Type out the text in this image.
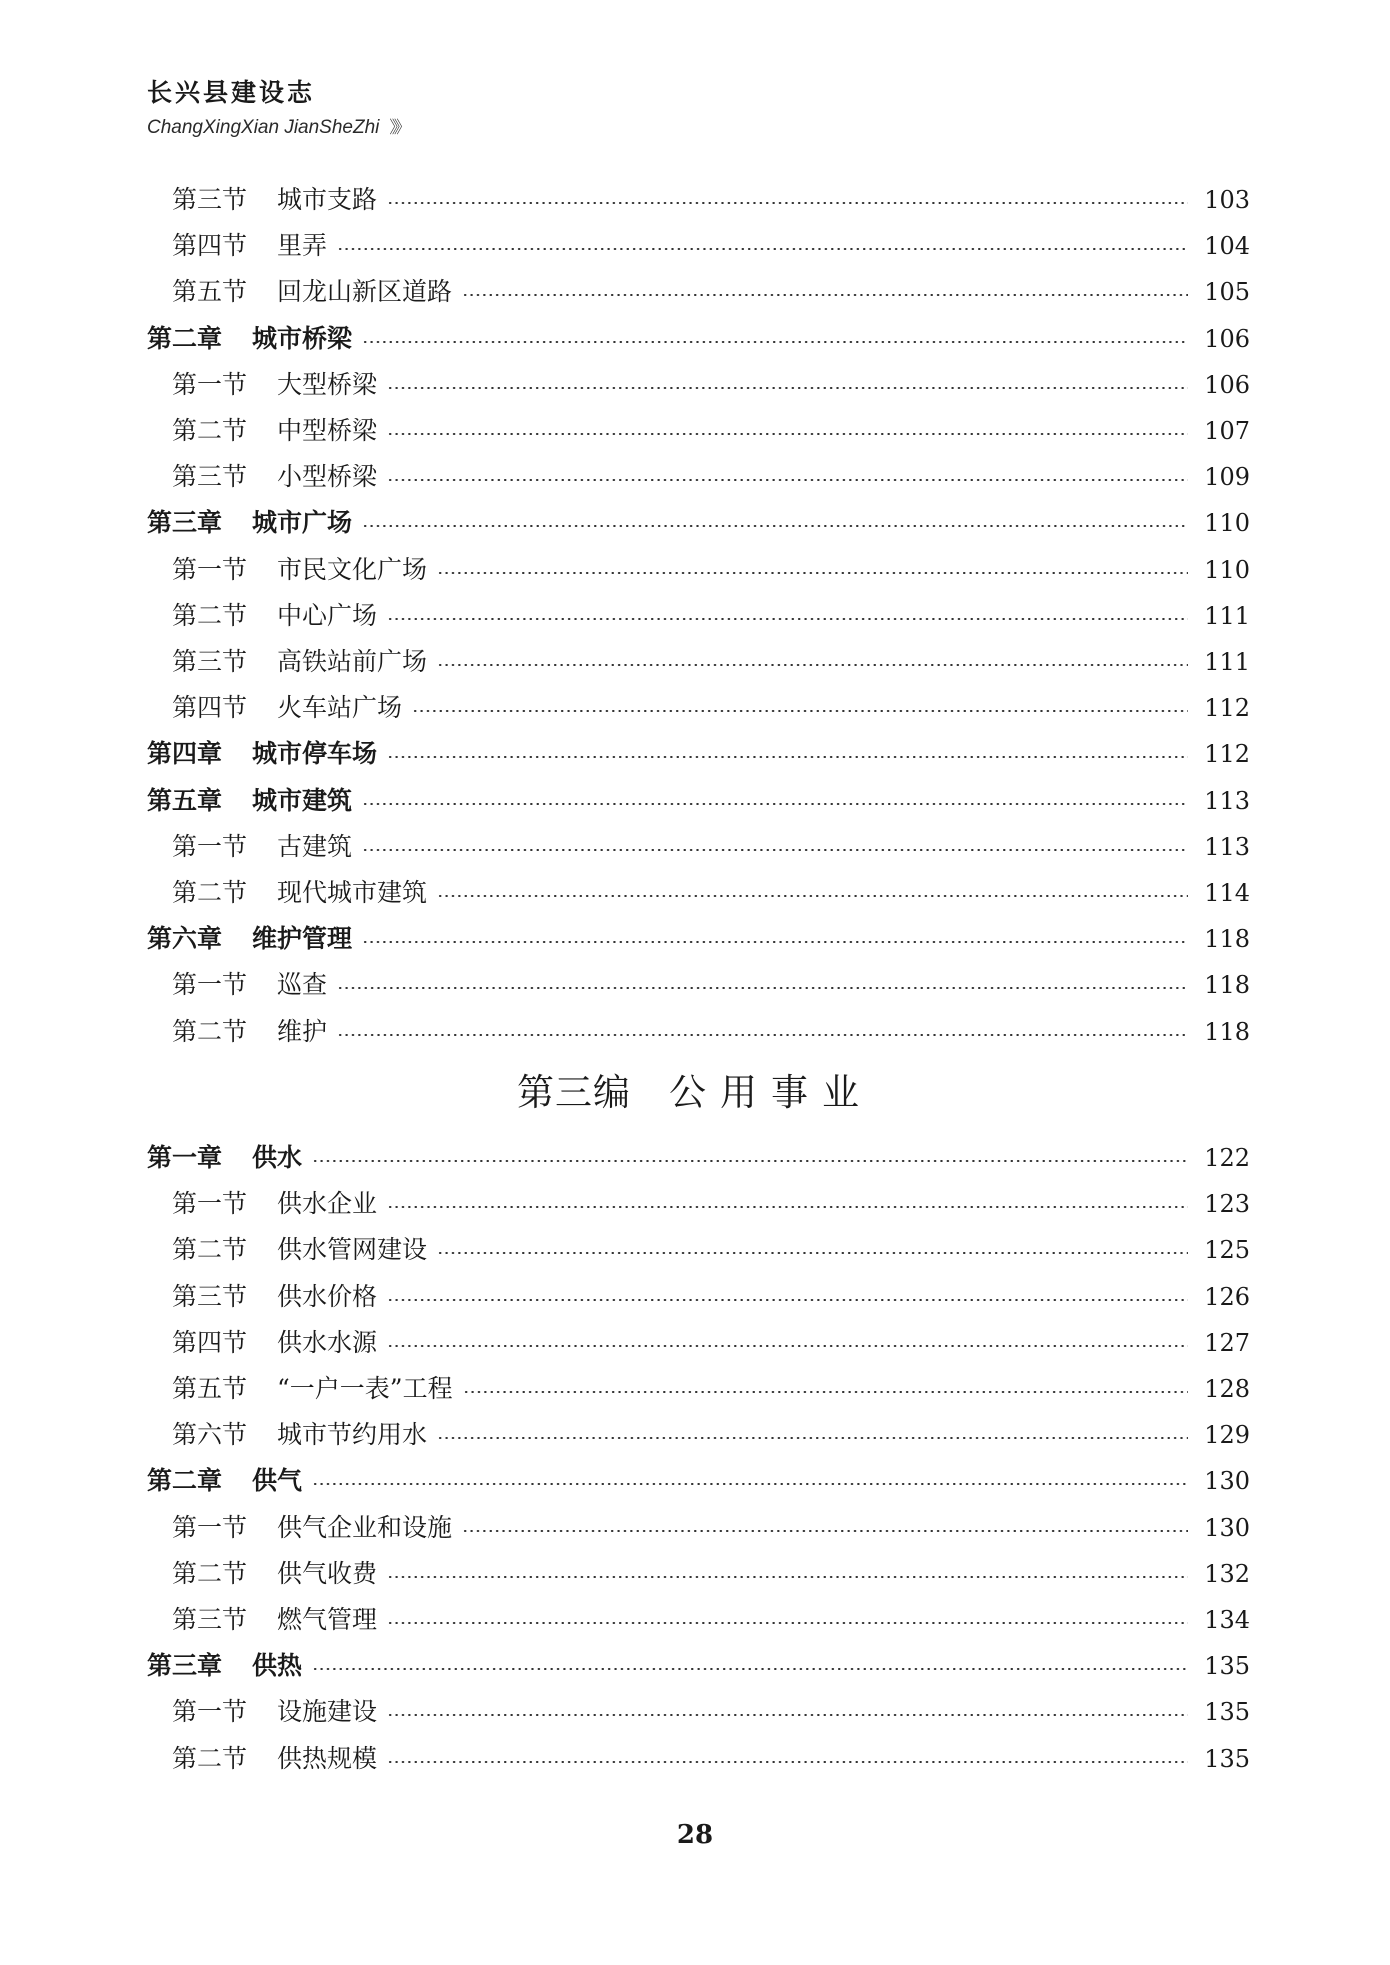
长兴县建设志
ChangXingXian JianSheZhi 》》
第三节 城市支路	103
第四节 里弄	104
第五节 回龙山新区道路	105
第二章 城市桥梁	106
第一节 大型桥梁	106
第二节 中型桥梁	107
第三节 小型桥梁	109
第三章 城市广场	110
第一节 市民文化广场	110
第二节 中心广场	111
第三节 高铁站前广场	111
第四节 火车站广场	112
第四章 城市停车场	112
第五章 城市建筑	113
第一节 古建筑	113
第二节 现代城市建筑	114
第六章 维护管理	118
第一节 巡查	118
第二节 维护	118
第三编 公用事业
第一章 供水	122
第一节 供水企业	123
第二节 供水管网建设	125
第三节 供水价格	126
第四节 供水水源	127
第五节 “一户一表”工程	128
第六节 城市节约用水	129
第二章 供气	130
第一节 供气企业和设施	130
第二节 供气收费	132
第三节 燃气管理	134
第三章 供热	135
第一节 设施建设	135
第二节 供热规模	135
28
